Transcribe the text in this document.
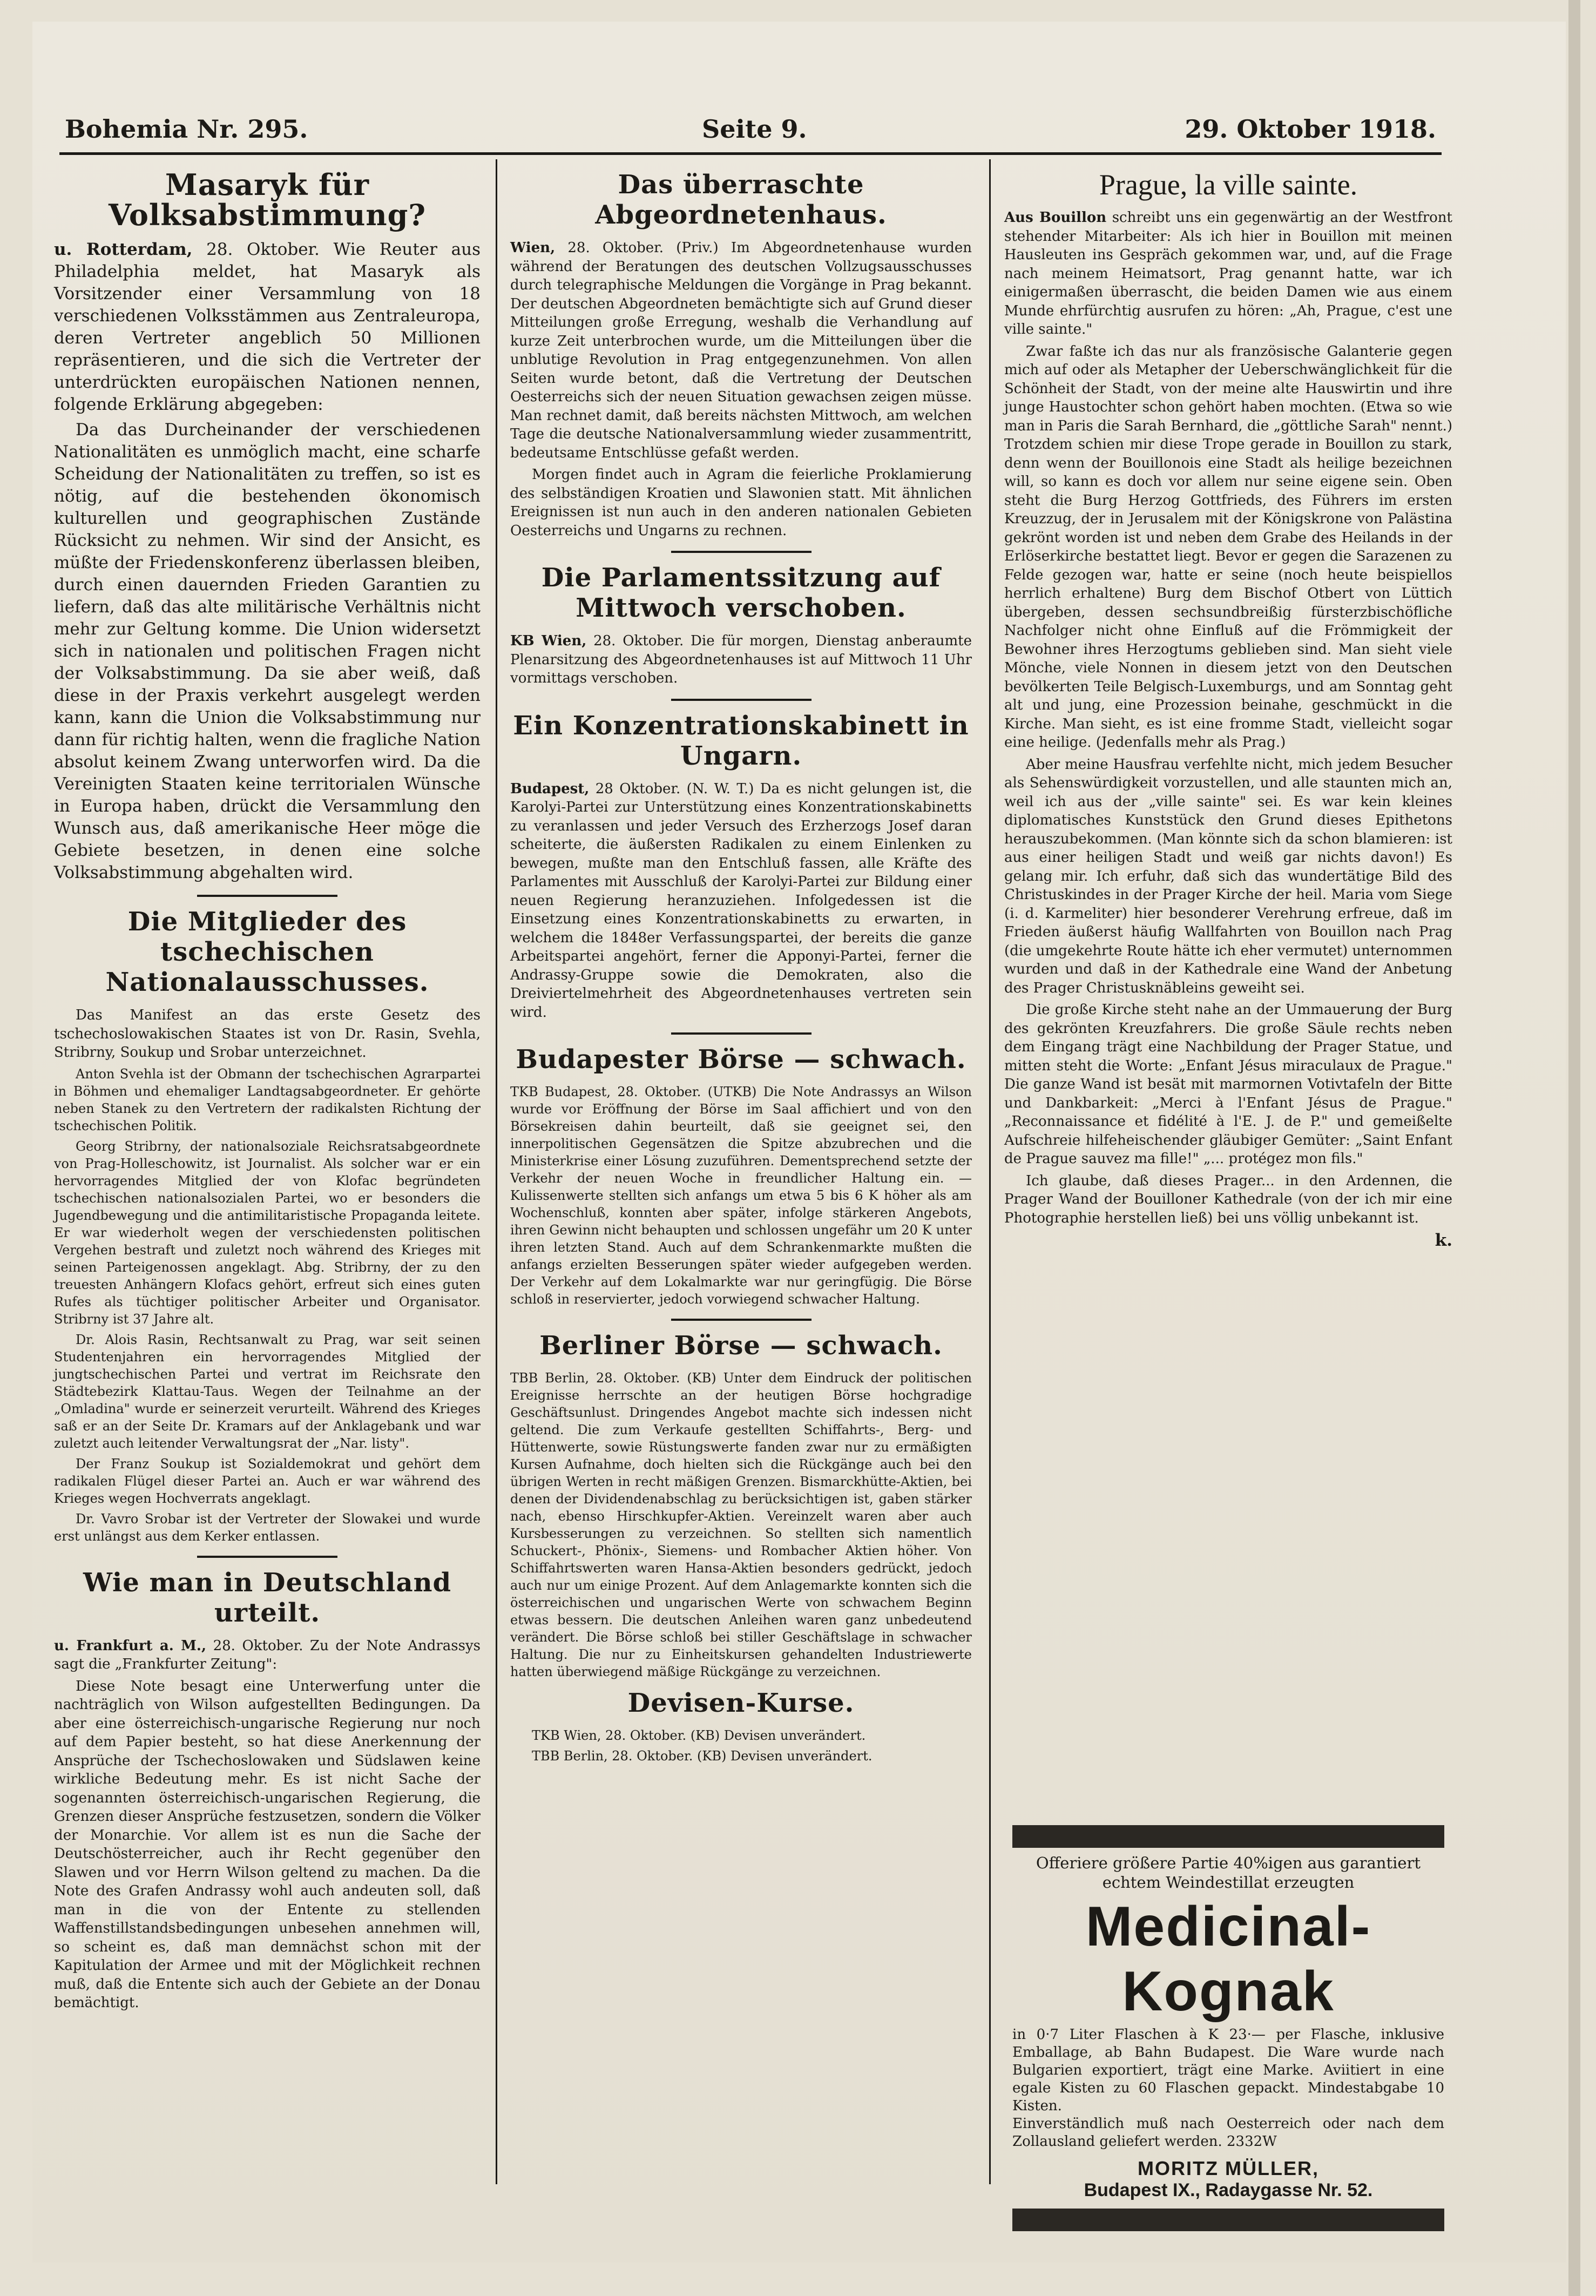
Bohemia Nr. 295.	Seite 9.	29. Oktober 1918.
Masaryk für Volksabstimmung?

u. Rotterdam, 28. Oktober. Wie Reuter aus Philadelphia meldet, hat Masaryk als Vorsitzender einer Versammlung von 18 verschiedenen Volksstämmen aus Zentraleuropa, deren Vertreter angeblich 50 Millionen repräsentieren, und die sich die Vertreter der unterdrückten europäischen Nationen nennen, folgende Erklärung abgegeben:

Da das Durcheinander der verschiedenen Nationalitäten es unmöglich macht, eine scharfe Scheidung der Nationalitäten zu treffen, so ist es nötig, auf die bestehenden ökonomisch kulturellen und geographischen Zustände Rücksicht zu nehmen. Wir sind der Ansicht, es müßte der Friedenskonferenz überlassen bleiben, durch einen dauernden Frieden Garantien zu liefern, daß das alte militärische Verhältnis nicht mehr zur Geltung komme. Die Union widersetzt sich in nationalen und politischen Fragen nicht der Volksabstimmung. Da sie aber weiß, daß diese in der Praxis verkehrt ausgelegt werden kann, kann die Union die Volksabstimmung nur dann für richtig halten, wenn die fragliche Nation absolut keinem Zwang unterworfen wird. Da die Vereinigten Staaten keine territorialen Wünsche in Europa haben, drückt die Versammlung den Wunsch aus, daß amerikanische Heer möge die Gebiete besetzen, in denen eine solche Volksabstimmung abgehalten wird.

Die Mitglieder des tschechischen Nationalausschusses.

Das Manifest an das erste Gesetz des tschechoslowakischen Staates ist von Dr. Rasin, Svehla, Stribrny, Soukup und Srobar unterzeichnet.

Anton Svehla ist der Obmann der tschechischen Agrarpartei in Böhmen und ehemaliger Landtagsabgeordneter. Er gehörte neben Stanek zu den Vertretern der radikalsten Richtung der tschechischen Politik.

Georg Stribrny, der nationalsoziale Reichsratsabgeordnete von Prag-Holleschowitz, ist Journalist. Als solcher war er ein hervorragendes Mitglied der von Klofac begründeten tschechischen nationalsozialen Partei, wo er besonders die Jugendbewegung und die antimilitaristische Propaganda leitete. Er war wiederholt wegen der verschiedensten politischen Vergehen bestraft und zuletzt noch während des Krieges mit seinen Parteigenossen angeklagt. Abg. Stribrny, der zu den treuesten Anhängern Klofacs gehört, erfreut sich eines guten Rufes als tüchtiger politischer Arbeiter und Organisator. Stribrny ist 37 Jahre alt.

Dr. Alois Rasin, Rechtsanwalt zu Prag, war seit seinen Studentenjahren ein hervorragendes Mitglied der jungtschechischen Partei und vertrat im Reichsrate den Städtebezirk Klattau-Taus. Wegen der Teilnahme an der „Omladina" wurde er seinerzeit verurteilt. Während des Krieges saß er an der Seite Dr. Kramars auf der Anklagebank und war zuletzt auch leitender Verwaltungsrat der „Nar. listy".

Der Franz Soukup ist Sozialdemokrat und gehört dem radikalen Flügel dieser Partei an. Auch er war während des Krieges wegen Hochverrats angeklagt.

Dr. Vavro Srobar ist der Vertreter der Slowakei und wurde erst unlängst aus dem Kerker entlassen.

Wie man in Deutschland urteilt.

u. Frankfurt a. M., 28. Oktober. Zu der Note Andrassys sagt die „Frankfurter Zeitung":

Diese Note besagt eine Unterwerfung unter die nachträglich von Wilson aufgestellten Bedingungen. Da aber eine österreichisch-ungarische Regierung nur noch auf dem Papier besteht, so hat diese Anerkennung der Ansprüche der Tschechoslowaken und Südslawen keine wirkliche Bedeutung mehr. Es ist nicht Sache der sogenannten österreichisch-ungarischen Regierung, die Grenzen dieser Ansprüche festzusetzen, sondern die Völker der Monarchie. Vor allem ist es nun die Sache der Deutschösterreicher, auch ihr Recht gegenüber den Slawen und vor Herrn Wilson geltend zu machen. Da die Note des Grafen Andrassy wohl auch andeuten soll, daß man in die von der Entente zu stellenden Waffenstillstandsbedingungen unbesehen annehmen will, so scheint es, daß man demnächst schon mit der Kapitulation der Armee und mit der Möglichkeit rechnen muß, daß die Entente sich auch der Gebiete an der Donau bemächtigt.

Das überraschte Abgeordnetenhaus.

Wien, 28. Oktober. (Priv.) Im Abgeordnetenhause wurden während der Beratungen des deutschen Vollzugsausschusses durch telegraphische Meldungen die Vorgänge in Prag bekannt. Der deutschen Abgeordneten bemächtigte sich auf Grund dieser Mitteilungen große Erregung, weshalb die Verhandlung auf kurze Zeit unterbrochen wurde, um die Mitteilungen über die unblutige Revolution in Prag entgegenzunehmen. Von allen Seiten wurde betont, daß die Vertretung der Deutschen Oesterreichs sich der neuen Situation gewachsen zeigen müsse. Man rechnet damit, daß bereits nächsten Mittwoch, am welchen Tage die deutsche Nationalversammlung wieder zusammentritt, bedeutsame Entschlüsse gefaßt werden.

Morgen findet auch in Agram die feierliche Proklamierung des selbständigen Kroatien und Slawonien statt. Mit ähnlichen Ereignissen ist nun auch in den anderen nationalen Gebieten Oesterreichs und Ungarns zu rechnen.

Die Parlamentssitzung auf Mittwoch verschoben.

KB Wien, 28. Oktober. Die für morgen, Dienstag anberaumte Plenarsitzung des Abgeordnetenhauses ist auf Mittwoch 11 Uhr vormittags verschoben.

Ein Konzentrationskabinett in Ungarn.

Budapest, 28 Oktober. (N. W. T.) Da es nicht gelungen ist, die Karolyi-Partei zur Unterstützung eines Konzentrationskabinetts zu veranlassen und jeder Versuch des Erzherzogs Josef daran scheiterte, die äußersten Radikalen zu einem Einlenken zu bewegen, mußte man den Entschluß fassen, alle Kräfte des Parlamentes mit Ausschluß der Karolyi-Partei zur Bildung einer neuen Regierung heranzuziehen. Infolgedessen ist die Einsetzung eines Konzentrationskabinetts zu erwarten, in welchem die 1848er Verfassungspartei, der bereits die ganze Arbeitspartei angehört, ferner die Apponyi-Partei, ferner die Andrassy-Gruppe sowie die Demokraten, also die Dreiviertelmehrheit des Abgeordnetenhauses vertreten sein wird.

Budapester Börse — schwach.

TKB Budapest, 28. Oktober. (UTKB) Die Note Andrassys an Wilson wurde vor Eröffnung der Börse im Saal affichiert und von den Börsekreisen dahin beurteilt, daß sie geeignet sei, den innerpolitischen Gegensätzen die Spitze abzubrechen und die Ministerkrise einer Lösung zuzuführen. Dementsprechend setzte der Verkehr der neuen Woche in freundlicher Haltung ein. — Kulissenwerte stellten sich anfangs um etwa 5 bis 6 K höher als am Wochenschluß, konnten aber später, infolge stärkeren Angebots, ihren Gewinn nicht behaupten und schlossen ungefähr um 20 K unter ihren letzten Stand. Auch auf dem Schrankenmarkte mußten die anfangs erzielten Besserungen später wieder aufgegeben werden. Der Verkehr auf dem Lokalmarkte war nur geringfügig. Die Börse schloß in reservierter, jedoch vorwiegend schwacher Haltung.

Berliner Börse — schwach.

TBB Berlin, 28. Oktober. (KB) Unter dem Eindruck der politischen Ereignisse herrschte an der heutigen Börse hochgradige Geschäftsunlust. Dringendes Angebot machte sich indessen nicht geltend. Die zum Verkaufe gestellten Schiffahrts-, Berg- und Hüttenwerte, sowie Rüstungswerte fanden zwar nur zu ermäßigten Kursen Aufnahme, doch hielten sich die Rückgänge auch bei den übrigen Werten in recht mäßigen Grenzen. Bismarckhütte-Aktien, bei denen der Dividendenabschlag zu berücksichtigen ist, gaben stärker nach, ebenso Hirschkupfer-Aktien. Vereinzelt waren aber auch Kursbesserungen zu verzeichnen. So stellten sich namentlich Schuckert-, Phönix-, Siemens- und Rombacher Aktien höher. Von Schiffahrtswerten waren Hansa-Aktien besonders gedrückt, jedoch auch nur um einige Prozent. Auf dem Anlagemarkte konnten sich die österreichischen und ungarischen Werte von schwachem Beginn etwas bessern. Die deutschen Anleihen waren ganz unbedeutend verändert. Die Börse schloß bei stiller Geschäftslage in schwacher Haltung. Die nur zu Einheitskursen gehandelten Industriewerte hatten überwiegend mäßige Rückgänge zu verzeichnen.

Devisen-Kurse.

TKB Wien, 28. Oktober. (KB) Devisen unverändert.

TBB Berlin, 28. Oktober. (KB) Devisen unverändert.

Prague, la ville sainte.

Aus Bouillon schreibt uns ein gegenwärtig an der Westfront stehender Mitarbeiter: Als ich hier in Bouillon mit meinen Hausleuten ins Gespräch gekommen war, und, auf die Frage nach meinem Heimatsort, Prag genannt hatte, war ich einigermaßen überrascht, die beiden Damen wie aus einem Munde ehrfürchtig ausrufen zu hören: „Ah, Prague, c'est une ville sainte."

Zwar faßte ich das nur als französische Galanterie gegen mich auf oder als Metapher der Ueberschwänglichkeit für die Schönheit der Stadt, von der meine alte Hauswirtin und ihre junge Haustochter schon gehört haben mochten. (Etwa so wie man in Paris die Sarah Bernhard, die „göttliche Sarah" nennt.) Trotzdem schien mir diese Trope gerade in Bouillon zu stark, denn wenn der Bouillonois eine Stadt als heilige bezeichnen will, so kann es doch vor allem nur seine eigene sein. Oben steht die Burg Herzog Gottfrieds, des Führers im ersten Kreuzzug, der in Jerusalem mit der Königskrone von Palästina gekrönt worden ist und neben dem Grabe des Heilands in der Erlöserkirche bestattet liegt. Bevor er gegen die Sarazenen zu Felde gezogen war, hatte er seine (noch heute beispiellos herrlich erhaltene) Burg dem Bischof Otbert von Lüttich übergeben, dessen sechsundbreißig fürsterzbischöfliche Nachfolger nicht ohne Einfluß auf die Frömmigkeit der Bewohner ihres Herzogtums geblieben sind. Man sieht viele Mönche, viele Nonnen in diesem jetzt von den Deutschen bevölkerten Teile Belgisch-Luxemburgs, und am Sonntag geht alt und jung, eine Prozession beinahe, geschmückt in die Kirche. Man sieht, es ist eine fromme Stadt, vielleicht sogar eine heilige. (Jedenfalls mehr als Prag.)

Aber meine Hausfrau verfehlte nicht, mich jedem Besucher als Sehenswürdigkeit vorzustellen, und alle staunten mich an, weil ich aus der „ville sainte" sei. Es war kein kleines diplomatisches Kunststück den Grund dieses Epithetons herauszubekommen. (Man könnte sich da schon blamieren: ist aus einer heiligen Stadt und weiß gar nichts davon!) Es gelang mir. Ich erfuhr, daß sich das wundertätige Bild des Christuskindes in der Prager Kirche der heil. Maria vom Siege (i. d. Karmeliter) hier besonderer Verehrung erfreue, daß im Frieden äußerst häufig Wallfahrten von Bouillon nach Prag (die umgekehrte Route hätte ich eher vermutet) unternommen wurden und daß in der Kathedrale eine Wand der Anbetung des Prager Christusknäbleins geweiht sei.

Die große Kirche steht nahe an der Ummauerung der Burg des gekrönten Kreuzfahrers. Die große Säule rechts neben dem Eingang trägt eine Nachbildung der Prager Statue, und mitten steht die Worte: „Enfant Jésus miraculaux de Prague." Die ganze Wand ist besät mit marmornen Votivtafeln der Bitte und Dankbarkeit: „Merci à l'Enfant Jésus de Prague." „Reconnaissance et fidélité à l'E. J. de P." und gemeißelte Aufschreie hilfeheischender gläubiger Gemüter: „Saint Enfant de Prague sauvez ma fille!" „... protégez mon fils."

Ich glaube, daß dieses Prager... in den Ardennen, die Prager Wand der Bouilloner Kathedrale (von der ich mir eine Photographie herstellen ließ) bei uns völlig unbekannt ist.

k.
Offeriere größere Partie 40%igen aus garantiert echtem Weindestillat erzeugten
Medicinal-Kognak
in 0·7 Liter Flaschen à K 23·— per Flasche, inklusive Emballage, ab Bahn Budapest. Die Ware wurde nach Bulgarien exportiert, trägt eine Marke. Aviitiert in eine egale Kisten zu 60 Flaschen gepackt. Mindestabgabe 10 Kisten.
Einverständlich muß nach Oesterreich oder nach dem Zollausland geliefert werden. 2332W
MORITZ MÜLLER,
Budapest IX., Radaygasse Nr. 52.
